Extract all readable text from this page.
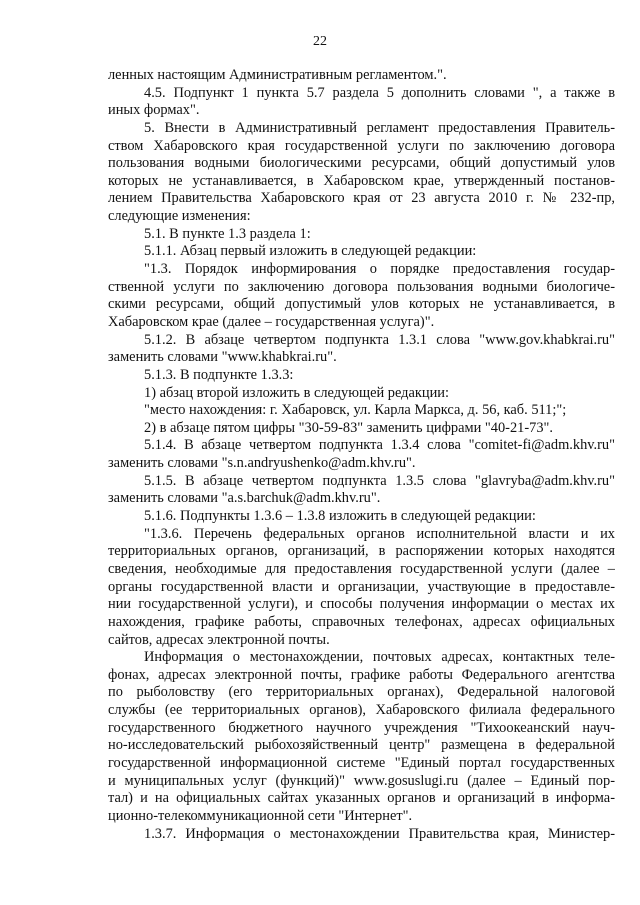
22
ленных настоящим Административным регламентом.".
4.5. Подпункт 1 пункта 5.7 раздела 5 дополнить словами ", а также в
иных формах".
5. Внести в Административный регламент предоставления Правитель-
ством Хабаровского края государственной услуги по заключению договора
пользования водными биологическими ресурсами, общий допустимый улов
которых не устанавливается, в Хабаровском крае, утвержденный постанов-
лением Правительства Хабаровского края от 23 августа 2010 г. № 232-пр,
следующие изменения:
5.1. В пункте 1.3 раздела 1:
5.1.1. Абзац первый изложить в следующей редакции:
"1.3. Порядок информирования о порядке предоставления государ-
ственной услуги по заключению договора пользования водными биологиче-
скими ресурсами, общий допустимый улов которых не устанавливается, в
Хабаровском крае (далее – государственная услуга)".
5.1.2. В абзаце четвертом подпункта 1.3.1 слова "www.gov.khabkrai.ru"
заменить словами "www.khabkrai.ru".
5.1.3. В подпункте 1.3.3:
1) абзац второй изложить в следующей редакции:
"место нахождения: г. Хабаровск, ул. Карла Маркса, д. 56, каб. 511;";
2) в абзаце пятом цифры "30-59-83" заменить цифрами "40-21-73".
5.1.4. В абзаце четвертом подпункта 1.3.4 слова "comitet-fi@adm.khv.ru"
заменить словами "s.n.andryushenko@adm.khv.ru".
5.1.5. В абзаце четвертом подпункта 1.3.5 слова "glavryba@adm.khv.ru"
заменить словами "a.s.barchuk@adm.khv.ru".
5.1.6. Подпункты 1.3.6 – 1.3.8 изложить в следующей редакции:
"1.3.6. Перечень федеральных органов исполнительной власти и их
территориальных органов, организаций, в распоряжении которых находятся
сведения, необходимые для предоставления государственной услуги (далее –
органы государственной власти и организации, участвующие в предоставле-
нии государственной услуги), и способы получения информации о местах их
нахождения, графике работы, справочных телефонах, адресах официальных
сайтов, адресах электронной почты.
Информация о местонахождении, почтовых адресах, контактных теле-
фонах, адресах электронной почты, графике работы Федерального агентства
по рыболовству (его территориальных органах), Федеральной налоговой
службы (ее территориальных органов), Хабаровского филиала федерального
государственного бюджетного научного учреждения "Тихоокеанский науч-
но-исследовательский рыбохозяйственный центр" размещена в федеральной
государственной информационной системе "Единый портал государственных
и муниципальных услуг (функций)" www.gosuslugi.ru (далее – Единый пор-
тал) и на официальных сайтах указанных органов и организаций в информа-
ционно-телекоммуникационной сети "Интернет".
1.3.7. Информация о местонахождении Правительства края, Министер-
